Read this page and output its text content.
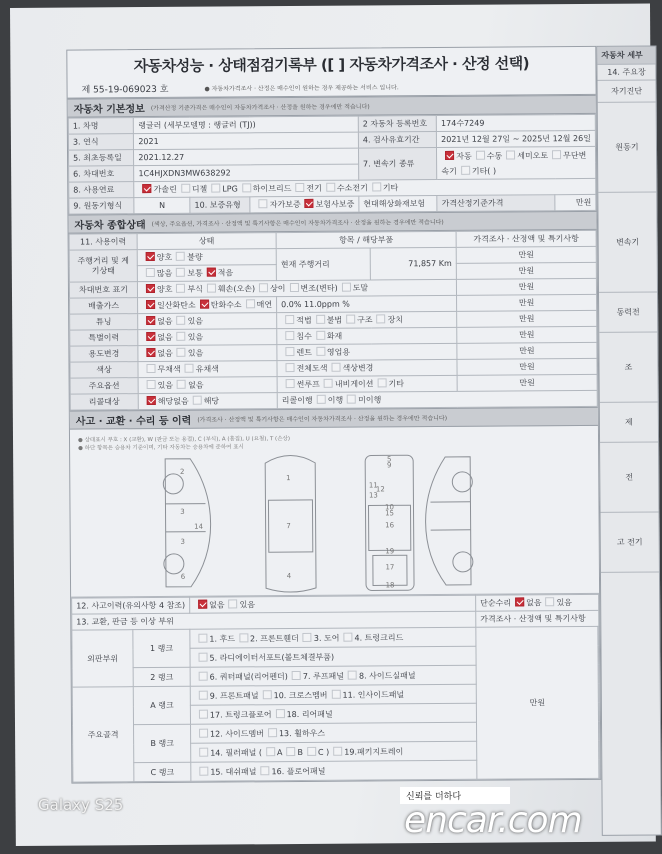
자동차성능 · 상태점검기록부 ([ ] 자동차가격조사 · 산정 선택)
제 55-19-069023 호	● 자동차가격조사 · 산정은 매수인이 원하는 경우 제공하는 서비스 입니다.
자동차 기본정보 (가격산정 기준가격은 매수인이 자동차가격조사 · 산정을 원하는 경우에만 적습니다)
1. 차명	랭글러 (세부모델명 : 랭글러 (TJ))			2 자동차 등록번호	174수7249	
3. 연식	2021			4. 검사유효기간	2021년 12월 27일 ~ 2025년 12월 26일	
5. 최초등록일	2021.12.27			7. 변속기 종류	자동 수동 세미오토 무단변속기 기타( )	
6. 차대번호	1C4HJXDN3MW638292					
8. 사용연료	가솔린 디젤 LPG 하이브리드 전기 수소전기 기타					
9. 원동기형식	N	10. 보증유형	자가보증 보험사보증	현대해상화재보험	가격산정기준가격	만원
자동차 종합상태 (색상, 주요옵션, 가격조사 · 산정액 및 특기사항은 매수인이 자동차가격조사 · 산정을 원하는 경우에만 적습니다)
11. 사용이력	상태	항목 / 해당부품		가격조사 · 산정액 및 특기사항
주행거리 및 계기상태	양호 불량	현재 주행거리	71,857 Km	만원
	많음 보통 적음			만원
차대번호 표기	양호 부식 훼손(오손) 상이 변조(변타) 도말			만원
배출가스	일산화탄소 탄화수소 매연	0.0% 11.0ppm %		만원
튜닝	없음 있음	적법 불법 구조 장치		만원
특별이력	없음 있음	침수 화재		만원
용도변경	없음 있음	렌트 영업용		만원
색상	무채색 유채색	전체도색 색상변경		만원
주요옵션	있음 없음	썬루프 내비게이션 기타		만원
리콜대상	해당없음 해당	리콜이행 이행 미이행		
사고 · 교환 · 수리 등 이력 (가격조사 · 산정액 및 특기사항은 매수인이 자동차가격조사 · 산정을 원하는 경우에만 적습니다)
● 상태표시 부호 : X (교환), W (판금 또는 용접), C (부식), A (흠집), U (요철), T (손상)
● 하단 항목은 승용차 기준이며, 기타 자동차는 승용차에 준하여 표시
2
3
3
14
6
1
7
4
5
9
11
12
13
10
15
16
19
17
18
12. 사고이력(유의사항 4 참조)		없음 있음	단순수리 없음 있음	
13. 교환, 판금 등 이상 부위			가격조사 · 산정액 및 특기사항	
외판부위	1 랭크	1. 후드 2. 프론트휀더 3. 도어 4. 트렁크리드	만원	
		5. 라디에이터서포트(볼트체결부품)		
	2 랭크	6. 쿼터패널(리어펜더) 7. 루프패널 8. 사이드실패널		
주요골격	A 랭크	9. 프론트패널 10. 크로스멤버 11. 인사이드패널		
		17. 트렁크플로어 18. 리어패널		
	B 랭크	12. 사이드멤버 13. 휠하우스		
		14. 필러패널 ( A B C ) 19.패키지트레이		
	C 랭크	15. 대쉬패널 16. 플로어패널		
자동차 세부
14. 주요장
자기진단
원동기
변속기
동력전
조
제
전
고 전기
Galaxy S25	신뢰를 더하다
encar.com
